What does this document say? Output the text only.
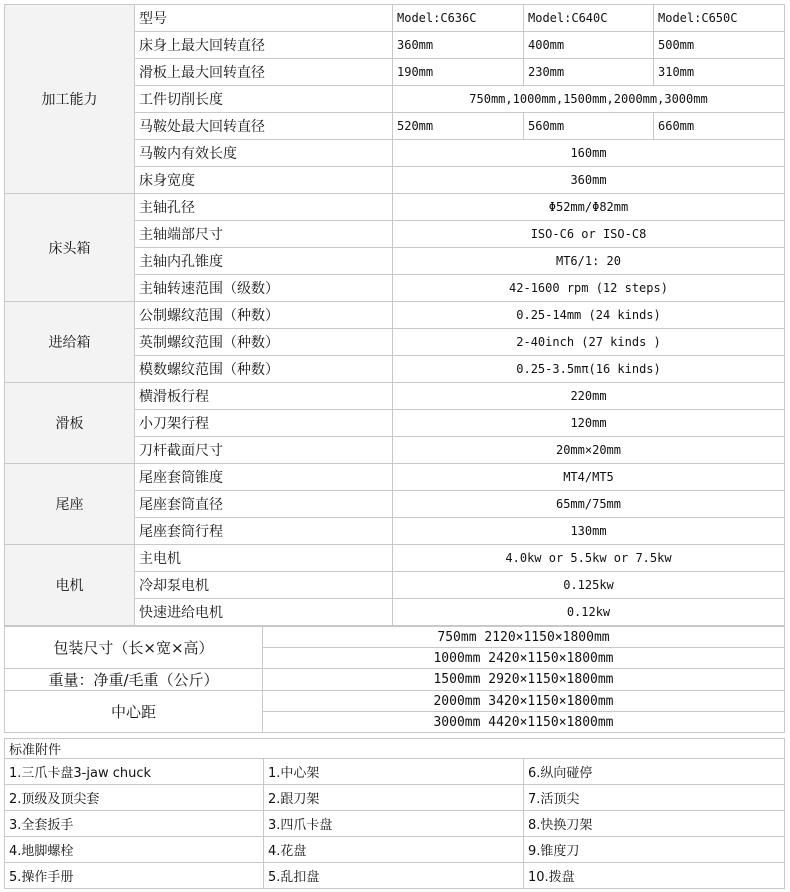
加工能力	型号	Model:C636C	Model:C640C	Model:C650C
	床身上最大回转直径	360mm	400mm	500mm
	滑板上最大回转直径	190mm	230mm	310mm
	工件切削长度	750mm,1000mm,1500mm,2000mm,3000mm		
	马鞍处最大回转直径	520mm	560mm	660mm
	马鞍内有效长度	160mm		
	床身宽度	360mm		
床头箱	主轴孔径	Φ52mm/Φ82mm		
	主轴端部尺寸	ISO-C6 or ISO-C8		
	主轴内孔锥度	MT6/1: 20		
	主轴转速范围（级数）	42-1600 rpm (12 steps)		
进给箱	公制螺纹范围（种数）	0.25-14mm (24 kinds)		
	英制螺纹范围（种数）	2-40inch (27 kinds )		
	模数螺纹范围（种数）	0.25-3.5mπ(16 kinds)		
滑板	横滑板行程	220mm		
	小刀架行程	120mm		
	刀杆截面尺寸	20mm×20mm		
尾座	尾座套筒锥度	MT4/MT5		
	尾座套筒直径	65mm/75mm		
	尾座套筒行程	130mm		
电机	主电机	4.0kw or 5.5kw or 7.5kw		
	冷却泵电机	0.125kw		
	快速进给电机	0.12kw		
包装尺寸（长×宽×高）	750mm 2120×1150×1800mm
	1000mm 2420×1150×1800mm
重量：净重/毛重（公斤）	1500mm 2920×1150×1800mm
中心距	2000mm 3420×1150×1800mm
	3000mm 4420×1150×1800mm
标准附件		
1.三爪卡盘3-jaw chuck	1.中心架	6.纵向碰停
2.顶级及顶尖套	2.跟刀架	7.活顶尖
3.全套扳手	3.四爪卡盘	8.快换刀架
4.地脚螺栓	4.花盘	9.锥度刀
5.操作手册	5.乱扣盘	10.拨盘
